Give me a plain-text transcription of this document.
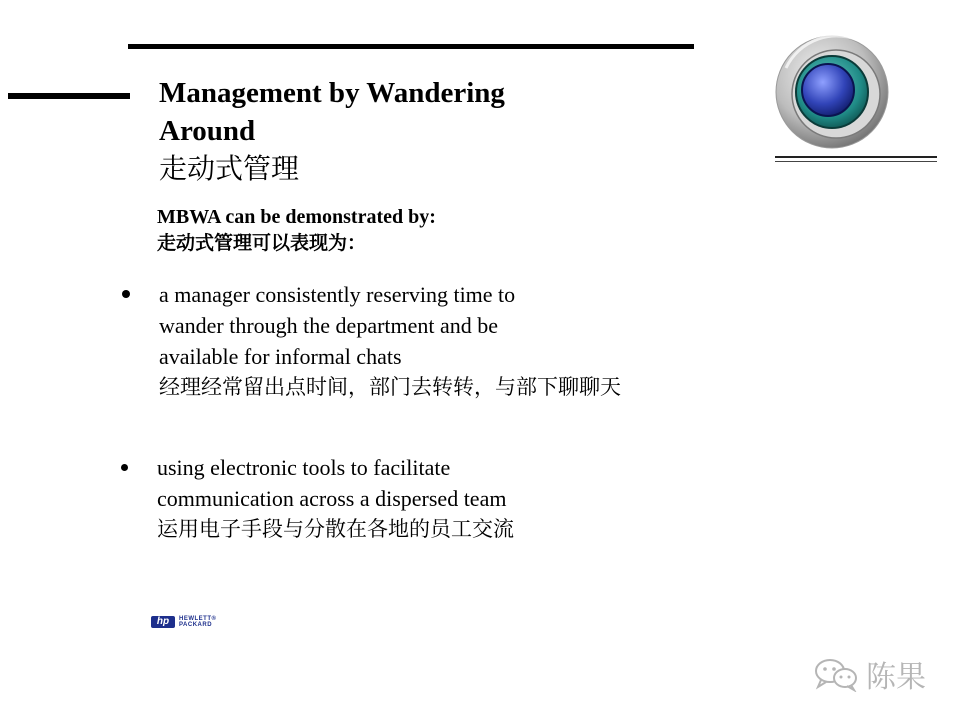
Management by Wandering
Around
走动式管理
MBWA can be demonstrated by:
走动式管理可以表现为：
a manager consistently reserving time to
wander through the department and be
available for informal chats
经理经常留出点时间，部门去转转，与部下聊聊天
using electronic tools to facilitate
communication across a dispersed team
运用电子手段与分散在各地的员工交流
hp	HEWLETT®
PACKARD
陈果
